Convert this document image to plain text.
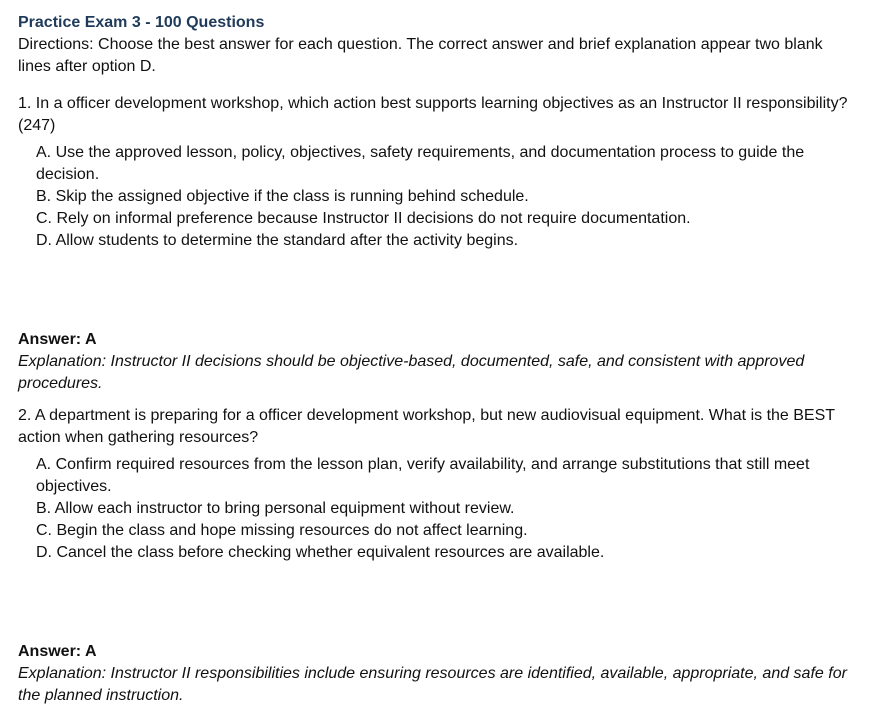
Practice Exam 3 - 100 Questions

Directions: Choose the best answer for each question. The correct answer and brief explanation appear two blank lines after option D.

1. In a officer development workshop, which action best supports learning objectives as an Instructor II responsibility? (247)

A. Use the approved lesson, policy, objectives, safety requirements, and documentation process to guide the decision.
B. Skip the assigned objective if the class is running behind schedule.
C. Rely on informal preference because Instructor II decisions do not require documentation.
D. Allow students to determine the standard after the activity begins.

Answer: A

Explanation: Instructor II decisions should be objective-based, documented, safe, and consistent with approved procedures.

2. A department is preparing for a officer development workshop, but new audiovisual equipment. What is the BEST action when gathering resources?

A. Confirm required resources from the lesson plan, verify availability, and arrange substitutions that still meet objectives.
B. Allow each instructor to bring personal equipment without review.
C. Begin the class and hope missing resources do not affect learning.
D. Cancel the class before checking whether equivalent resources are available.

Answer: A

Explanation: Instructor II responsibilities include ensuring resources are identified, available, appropriate, and safe for the planned instruction.
